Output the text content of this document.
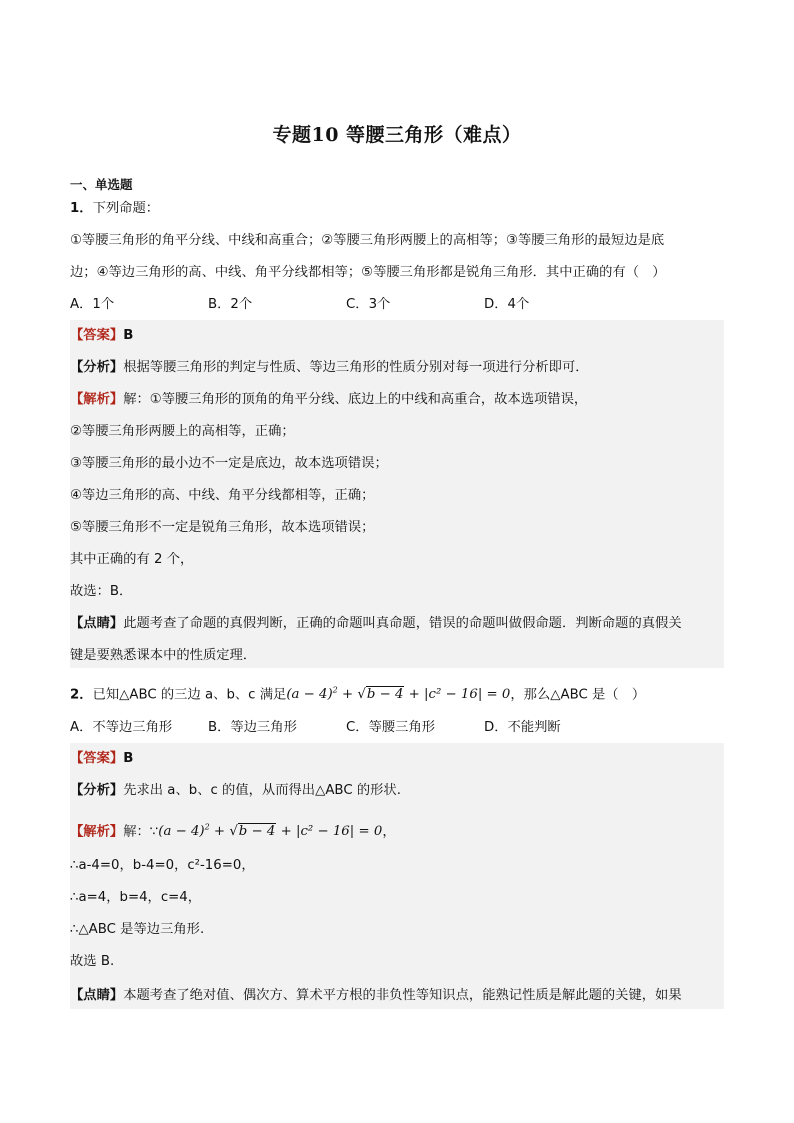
专题10 等腰三角形（难点）
一、单选题
1．下列命题：
①等腰三角形的角平分线、中线和高重合；②等腰三角形两腰上的高相等；③等腰三角形的最短边是底
边；④等边三角形的高、中线、角平分线都相等；⑤等腰三角形都是锐角三角形．其中正确的有（　）
A．1个	B．2个	C．3个	D．4个
【答案】B
【分析】根据等腰三角形的判定与性质、等边三角形的性质分别对每一项进行分析即可．
【解析】解：①等腰三角形的顶角的角平分线、底边上的中线和高重合，故本选项错误，
②等腰三角形两腰上的高相等，正确；
③等腰三角形的最小边不一定是底边，故本选项错误；
④等边三角形的高、中线、角平分线都相等，正确；
⑤等腰三角形不一定是锐角三角形，故本选项错误；
其中正确的有 2 个，
故选：B．
【点睛】此题考查了命题的真假判断，正确的命题叫真命题，错误的命题叫做假命题．判断命题的真假关
键是要熟悉课本中的性质定理．
2．已知△ABC 的三边 a、b、c 满足$(a - 4)^2 + √b - 4 + |c^2 - 16| = 0$，那么△ABC 是（　）
A．不等边三角形	B．等边三角形	C．等腰三角形	D．不能判断
【答案】B
【分析】先求出 a、b、c 的值，从而得出△ABC 的形状.
【解析】解：∵(a − 4)$^2$ + √b − 4 + |c² − 16| = 0，
∴a-4=0，b-4=0，c²-16=0，
∴a=4，b=4，c=4，
∴△ABC 是等边三角形.
故选 B.
【点睛】本题考查了绝对值、偶次方、算术平方根的非负性等知识点，能熟记性质是解此题的关键，如果
